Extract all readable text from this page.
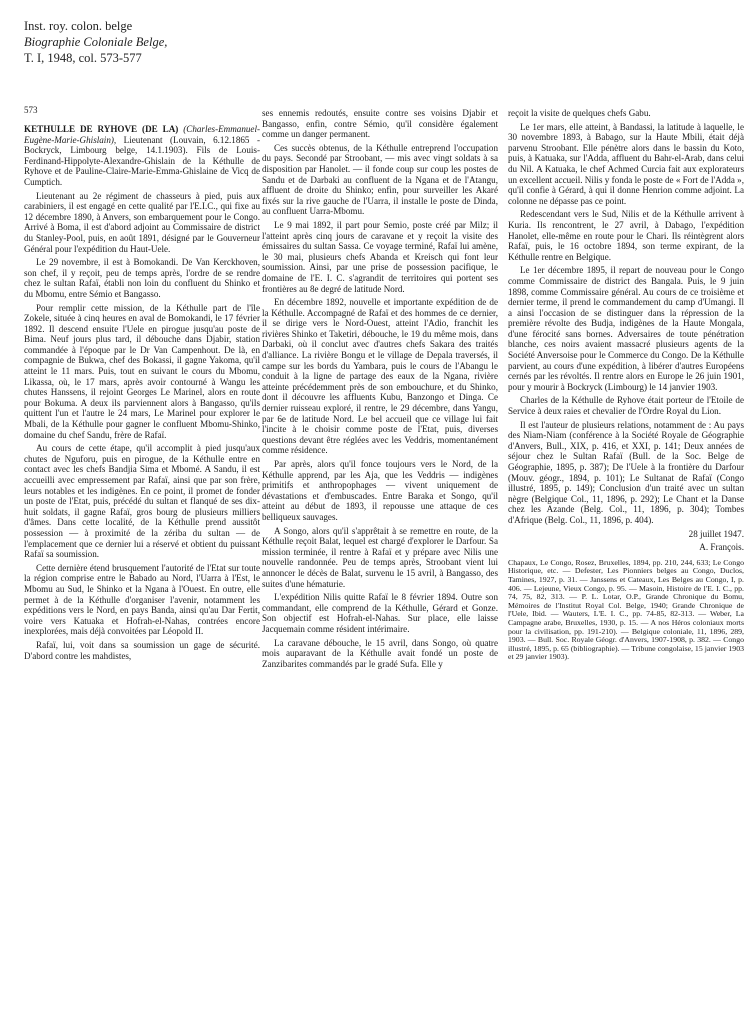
Inst. roy. colon. belge
Biographie Coloniale Belge,
T. I, 1948, col. 573-577
573

KETHULLE DE RYHOVE (DE LA) (Charles-Emmanuel-Eugène-Marie-Ghislain), Lieutenant (Louvain, 6.12.1865 - Bockryck, Limbourg belge, 14.1.1903). Fils de Louis-Ferdinand-Hippolyte-Alexandre-Ghislain de la Kéthulle de Ryhove et de Pauline-Claire-Marie-Emma-Ghislaine de Vicq de Cumptich.

Lieutenant au 2e régiment de chasseurs à pied, puis aux carabiniers, il est engagé en cette qualité par l'E.I.C., qui fixe au 12 décembre 1890, à Anvers, son embarquement pour le Congo. Arrivé à Boma, il est d'abord adjoint au Commissaire de district du Stanley-Pool, puis, en août 1891, désigné par le Gouverneur Général pour l'expédition du Haut-Uele.

Le 29 novembre, il est à Bomokandi. De Van Kerckhoven, son chef, il y reçoit, peu de temps après, l'ordre de se rendre chez le sultan Rafaï, établi non loin du confluent du Shinko et du Mbomu, entre Sémio et Bangasso.

Pour remplir cette mission, de la Kéthulle part de l'île Zokele, située à cinq heures en aval de Bomokandi, le 17 février 1892. Il descend ensuite l'Uele en pirogue jusqu'au poste de Bima. Neuf jours plus tard, il débouche dans Djabir, station commandée à l'époque par le Dr Van Campenhout. De là, en compagnie de Bukwa, chef des Bokassi, il gagne Yakoma, qu'il atteint le 11 mars. Puis, tout en suivant le cours du Mbomu, Likassa, où, le 17 mars, après avoir contourné à Wangu les chutes Hanssens, il rejoint Georges Le Marinel, alors en route pour Bokuma. A deux ils parviennent alors à Bangasso, qu'ils quittent l'un et l'autre le 24 mars, Le Marinel pour explorer le Mbali, de la Kéthulle pour gagner le confluent Mbomu-Shinko, domaine du chef Sandu, frère de Rafaï.

Au cours de cette étape, qu'il accomplit à pied jusqu'aux chutes de Nguforu, puis en pirogue, de la Kéthulle entre en contact avec les chefs Bandjia Sima et Mbomé. A Sandu, il est accueilli avec empressement par Rafaï, ainsi que par son frère, leurs notables et les indigènes. En ce point, il promet de fonder un poste de l'Etat, puis, précédé du sultan et flanqué de ses dix-huit soldats, il gagne Rafaï, gros bourg de plusieurs milliers d'âmes. Dans cette localité, de la Kéthulle prend aussitôt possession — à proximité de la zériba du sultan — de l'emplacement que ce dernier lui a réservé et obtient du puissant Rafaï sa soumission.

Cette dernière étend brusquement l'autorité de l'Etat sur toute la région comprise entre le Babado au Nord, l'Uarra à l'Est, le Mbomu au Sud, le Shinko et la Ngana à l'Ouest. En outre, elle permet à de la Kéthulle d'organiser l'avenir, notamment les expéditions vers le Nord, en pays Banda, ainsi qu'au Dar Fertit, voire vers Katuaka et Hofrah-el-Nahas, contrées encore inexplorées, mais déjà convoitées par Léopold II.

Rafaï, lui, voit dans sa soumission un gage de sécurité. D'abord contre les mahdistes,

ses ennemis redoutés, ensuite contre ses voisins Djabir et Bangasso, enfin, contre Sémio, qu'il considère également comme un danger permanent.

Ces succès obtenus, de la Kéthulle entreprend l'occupation du pays. Secondé par Stroobant, — mis avec vingt soldats à sa disposition par Hanolet. — il fonde coup sur coup les postes de Sandu et de Darbaki au confluent de la Ngana et de l'Atangu, affluent de droite du Shinko; enfin, pour surveiller les Akaré fixés sur la rive gauche de l'Uarra, il installe le poste de Dinda, au confluent Uarra-Mbomu.

Le 9 mai 1892, il part pour Semio, poste créé par Milz; il l'atteint après cinq jours de caravane et y reçoit la visite des émissaires du sultan Sassa. Ce voyage terminé, Rafaï lui amène, le 30 mai, plusieurs chefs Abanda et Kreisch qui font leur soumission. Ainsi, par une prise de possession pacifique, le domaine de l'E. I. C. s'agrandit de territoires qui portent ses frontières au 8e degré de latitude Nord.

En décembre 1892, nouvelle et importante expédition de de la Kéthulle. Accompagné de Rafaï et des hommes de ce dernier, il se dirige vers le Nord-Ouest, atteint l'Adio, franchit les rivières Shinko et Taketiri, débouche, le 19 du même mois, dans Darbaki, où il conclut avec d'autres chefs Sakara des traités d'alliance. La rivière Bongu et le village de Depala traversés, il campe sur les bords du Yambara, puis le cours de l'Abangu le conduit à la ligne de partage des eaux de la Ngana, rivière atteinte précédemment près de son embouchure, et du Shinko, dont il découvre les affluents Kubu, Banzongo et Dinga. Ce dernier ruisseau exploré, il rentre, le 29 décembre, dans Yangu, par 6e de latitude Nord. Le bel accueil que ce village lui fait l'incite à le choisir comme poste de l'Etat, puis, diverses questions devant être réglées avec les Veddris, momentanément comme résidence.

Par après, alors qu'il fonce toujours vers le Nord, de la Kéthulle apprend, par les Aja, que les Veddris — indigènes primitifs et anthropophages — vivent uniquement de dévastations et d'embuscades. Entre Baraka et Songo, qu'il atteint au début de 1893, il repousse une attaque de ces belliqueux sauvages.

A Songo, alors qu'il s'apprêtait à se remettre en route, de la Kéthulle reçoit Balat, lequel est chargé d'explorer le Darfour. Sa mission terminée, il rentre à Rafaï et y prépare avec Nilis une nouvelle randonnée. Peu de temps après, Stroobant vient lui annoncer le décès de Balat, survenu le 15 avril, à Bangasso, des suites d'une hématurie.

L'expédition Nilis quitte Rafaï le 8 février 1894. Outre son commandant, elle comprend de la Kéthulle, Gérard et Gonze. Son objectif est Hofrah-el-Nahas. Sur place, elle laisse Jacquemain comme résident intérimaire.

La caravane débouche, le 15 avril, dans Songo, où quatre mois auparavant de la Kéthulle avait fondé un poste de Zanzibarites commandés par le gradé Sufa. Elle y

reçoit la visite de quelques chefs Gabu.

Le 1er mars, elle atteint, à Bandassi, la latitude à laquelle, le 30 novembre 1893, à Babago, sur la Haute Mbili, était déjà parvenu Stroobant. Elle pénètre alors dans le bassin du Koto, puis, à Katuaka, sur l'Adda, affluent du Bahr-el-Arab, dans celui du Nil. A Katuaka, le chef Achmed Curcia fait aux explorateurs un excellent accueil. Nilis y fonda le poste de « Fort de l'Adda », qu'il confie à Gérard, à qui il donne Henrion comme adjoint. La colonne ne dépasse pas ce point.

Redescendant vers le Sud, Nilis et de la Kéthulle arrivent à Kuria. Ils rencontrent, le 27 avril, à Dabago, l'expédition Hanolet, elle-même en route pour le Chari. Ils réintègrent alors Rafaï, puis, le 16 octobre 1894, son terme expirant, de la Kéthulle rentre en Belgique.

Le 1er décembre 1895, il repart de nouveau pour le Congo comme Commissaire de district des Bangala. Puis, le 9 juin 1898, comme Commissaire général. Au cours de ce troisième et dernier terme, il prend le commandement du camp d'Umangi. Il a ainsi l'occasion de se distinguer dans la répression de la première révolte des Budja, indigènes de la Haute Mongala, d'une férocité sans bornes. Adversaires de toute pénétration blanche, ces noirs avaient massacré plusieurs agents de la Société Anversoise pour le Commerce du Congo. De la Kéthulle parvient, au cours d'une expédition, à libérer d'autres Européens cernés par les révoltés. Il rentre alors en Europe le 26 juin 1901, pour y mourir à Bockryck (Limbourg) le 14 janvier 1903.

Charles de la Kéthulle de Ryhove était porteur de l'Etoile de Service à deux raies et chevalier de l'Ordre Royal du Lion.

Il est l'auteur de plusieurs relations, notamment de : Au pays des Niam-Niam (conférence à la Société Royale de Géographie d'Anvers, Bull., XIX, p. 416, et XXI, p. 141; Deux années de séjour chez le Sultan Rafaï (Bull. de la Soc. Belge de Géographie, 1895, p. 387); De l'Uele à la frontière du Darfour (Mouv. géogr., 1894, p. 101); Le Sultanat de Rafaï (Congo illustré, 1895, p. 149); Conclusion d'un traité avec un sultan nègre (Belgique Col., 11, 1896, p. 292); Le Chant et la Danse chez les Azande (Belg. Col., 11, 1896, p. 304); Tombes d'Afrique (Belg. Col., 11, 1896, p. 404).

28 juillet 1947.

A. François.

Chapaux, Le Congo, Rosez, Bruxelles, 1894, pp. 210, 244, 633; Le Congo Historique, etc. — Defester, Les Pionniers belges au Congo, Duclos, Tamines, 1927, p. 31. — Janssens et Cateaux, Les Belges au Congo, I, p. 406. — Lejeune, Vieux Congo, p. 95. — Masoin, Histoire de l'E. I. C., pp. 74, 75, 82, 313. — P. L. Lotar, O.P., Grande Chronique du Bomu, Mémoires de l'Institut Royal Col. Belge, 1940; Grande Chronique de l'Uele, Ibid. — Wauters, L'E. I. C., pp. 74-85, 82-313. — Weber, La Campagne arabe, Bruxelles, 1930, p. 15. — A nos Héros coloniaux morts pour la civilisation, pp. 191-210). — Belgique coloniale, 11, 1896, 289, 1903. — Bull. Soc. Royale Géogr. d'Anvers, 1907-1908, p. 382. — Congo illustré, 1895, p. 65 (bibliographie). — Tribune congolaise, 15 janvier 1903 et 29 janvier 1903).
